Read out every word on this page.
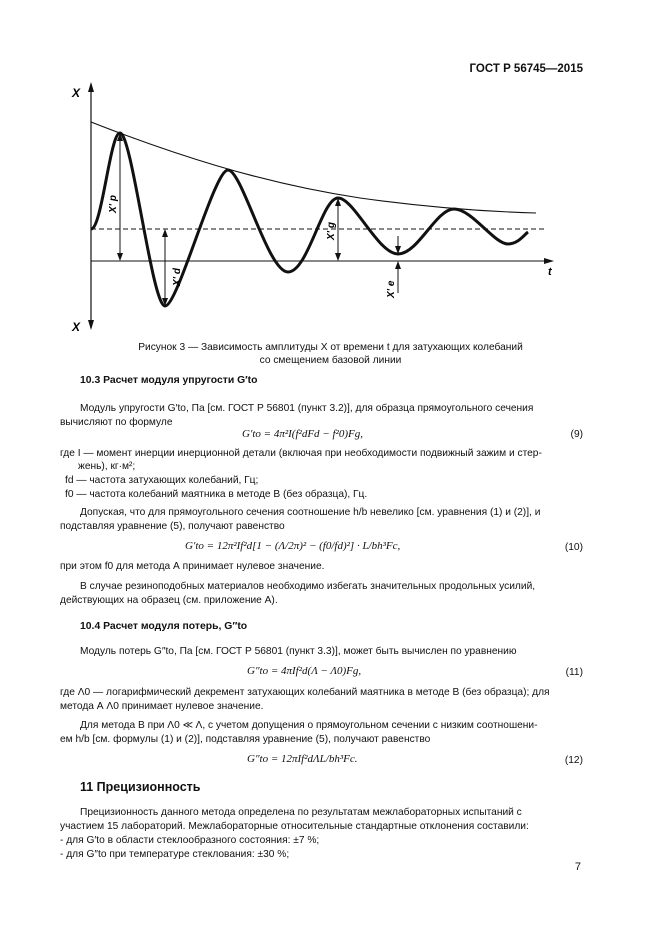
ГОСТ Р 56745—2015
X
X
t
X' p
X' d
X' g
X' e
Рисунок 3 — Зависимость амплитуды X от времени t для затухающих колебаний
со смещением базовой линии
10.3 Расчет модуля упругости G′to
Модуль упругости G′to, Па [см. ГОСТ Р 56801 (пункт 3.2)], для образца прямоугольного сечения
вычисляют по формуле
G′to = 4π²I(f²dFd − f²0)Fg,	(9)
где I — момент инерции инерционной детали (включая при необходимости подвижный зажим и стер-
жень), кг·м²;
fd — частота затухающих колебаний, Гц;
f0 — частота колебаний маятника в методе В (без образца), Гц.
Допуская, что для прямоугольного сечения соотношение h/b невелико [см. уравнения (1) и (2)], и
подставляя уравнение (5), получают равенство
G′to = 12π²If²d[1 − (Λ/2π)² − (f0/fd)²] · L/bh³Fc,	(10)
при этом f0 для метода А принимает нулевое значение.
В случае резиноподобных материалов необходимо избегать значительных продольных усилий,
действующих на образец (см. приложение А).
10.4 Расчет модуля потерь, G″to
Модуль потерь G″to, Па [см. ГОСТ Р 56801 (пункт 3.3)], может быть вычислен по уравнению
G″to = 4πIf²d(Λ − Λ0)Fg,	(11)
где Λ0 — логарифмический декремент затухающих колебаний маятника в методе В (без образца); для
метода А Λ0 принимает нулевое значение.
Для метода В при Λ0 ≪ Λ, с учетом допущения о прямоугольном сечении с низким соотношени-
ем h/b [см. формулы (1) и (2)], подставляя уравнение (5), получают равенство
G″to = 12πIf²dΛL/bh³Fc.	(12)
11 Прецизионность
Прецизионность данного метода определена по результатам межлабораторных испытаний с
участием 15 лабораторий. Межлабораторные относительные стандартные отклонения составили:
- для G′to в области стеклообразного состояния: ±7 %;
- для G″to при температуре стеклования: ±30 %;
7
